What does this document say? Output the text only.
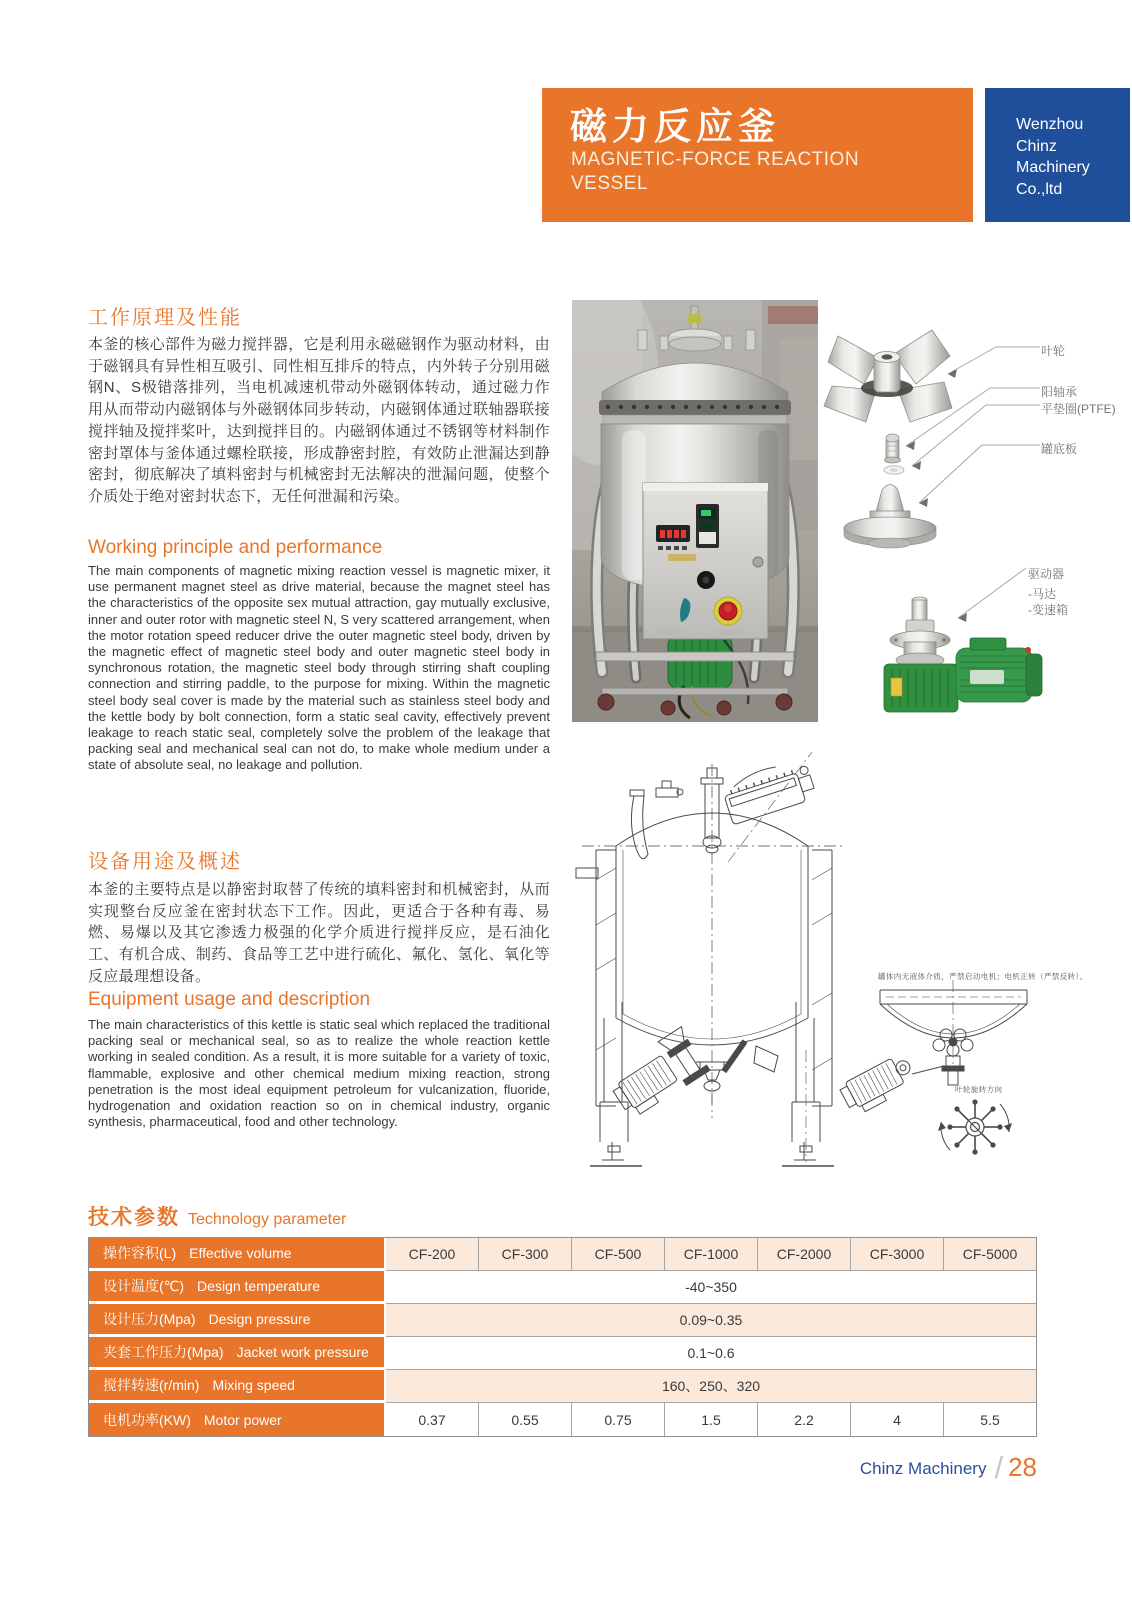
磁力反应釜
MAGNETIC-FORCE REACTION
VESSEL
Wenzhou
Chinz
Machinery
Co.,ltd
工作原理及性能
本釜的核心部件为磁力搅拌器，它是利用永磁磁钢作为驱动材料，由于磁钢具有异性相互吸引、同性相互排斥的特点，内外转子分别用磁钢N、S极错落排列，当电机减速机带动外磁钢体转动，通过磁力作用从而带动内磁钢体与外磁钢体同步转动，内磁钢体通过联轴器联接搅拌轴及搅拌桨叶，达到搅拌目的。内磁钢体通过不锈钢等材料制作密封罩体与釜体通过螺栓联接，形成静密封腔，有效防止泄漏达到静密封，彻底解决了填料密封与机械密封无法解决的泄漏问题，使整个介质处于绝对密封状态下，无任何泄漏和污染。
Working principle and performance
The main components of magnetic mixing reaction vessel is magnetic mixer, it use permanent magnet steel as drive material, because the magnet steel has the characteristics of the opposite sex mutual attraction, gay mutually exclusive, inner and outer rotor with magnetic steel N, S very scattered arrangement, when the motor rotation speed reducer drive the outer magnetic steel body, driven by the magnetic effect of magnetic steel body and outer magnetic steel body in synchronous rotation, the magnetic steel body through stirring shaft coupling connection and stirring paddle, to the purpose for mixing. Within the magnetic steel body seal cover is made by the material such as stainless steel body and the kettle body by bolt connection, form a static seal cavity, effectively prevent leakage to reach static seal, completely solve the problem of the leakage that packing seal and mechanical seal can not do, to make whole medium under a state of absolute seal, no leakage and pollution.
设备用途及概述
本釜的主要特点是以静密封取替了传统的填料密封和机械密封，从而实现整台反应釜在密封状态下工作。因此，更适合于各种有毒、易燃、易爆以及其它渗透力极强的化学介质进行搅拌反应，是石油化工、有机合成、制药、食品等工艺中进行硫化、氟化、氢化、氧化等反应最理想设备。
Equipment usage and description
The main characteristics of this kettle is static seal which replaced the traditional packing seal or mechanical seal, so as to realize the whole reaction kettle working in sealed condition. As a result, it is more suitable for a variety of toxic, flammable, explosive and other chemical medium mixing reaction, strong penetration is the most ideal equipment petroleum for vulcanization, fluoride, hydrogenation and oxidation reaction so on in chemical industry, organic synthesis, pharmaceutical, food and other technology.
叶轮
阳轴承
平垫圈(PTFE)
罐底板
驱动器
-马达
-变速箱
罐体内无液体介质，严禁启动电机；电机正转（严禁反转）。
叶轮旋转方向
技术参数 Technology parameter
操作容积(L) Effective volume	CF-200	CF-300	CF-500	CF-1000	CF-2000	CF-3000	CF-5000
设计温度(℃) Design temperature	-40~350
设计压力(Mpa) Design pressure	0.09~0.35
夹套工作压力(Mpa) Jacket work pressure	0.1~0.6
搅拌转速(r/min) Mixing speed	160、250、320
电机功率(KW) Motor power	0.37	0.55	0.75	1.5	2.2	4	5.5
Chinz Machinery / 28
